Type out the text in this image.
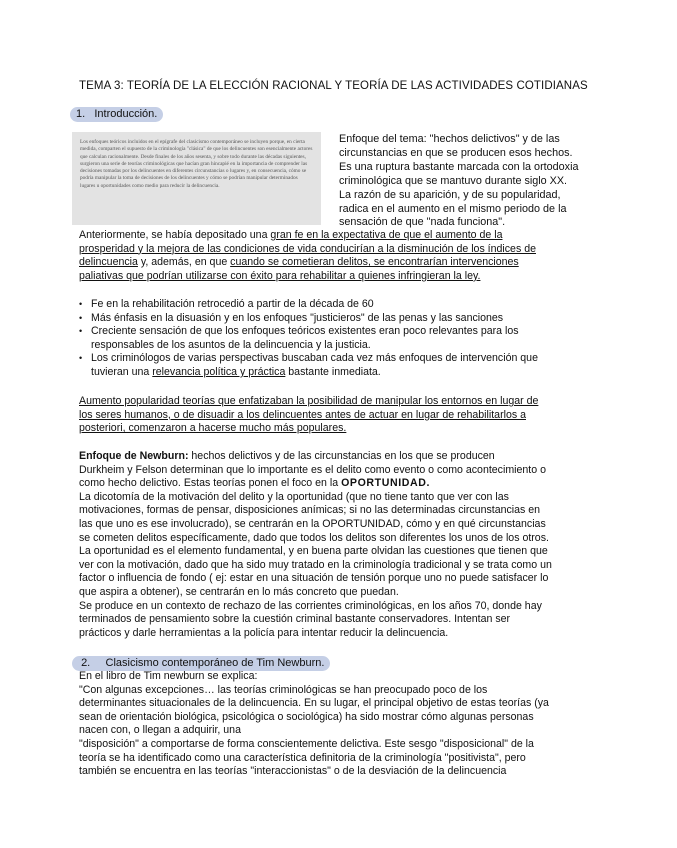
TEMA 3: TEORÍA DE LA ELECCIÓN RACIONAL Y TEORÍA DE LAS ACTIVIDADES COTIDIANAS
1. Introducción.

Los enfoques teóricos incluidos en el epígrafe del clasicismo contemporáneo se incluyen porque, en cierta medida, comparten el supuesto de la criminología "clásica" de que los delincuentes son esencialmente actores que calculan racionalmente. Desde finales de los años sesenta, y sobre todo durante las décadas siguientes, surgieron una serie de teorías criminológicas que hacían gran hincapié en la importancia de comprender las decisiones tomadas por los delincuentes en diferentes circunstancias o lugares y, en consecuencia, cómo se podría manipular la toma de decisiones de los delincuentes y cómo se podrían manipular determinados lugares u oportunidades como medio para reducir la delincuencia.

Enfoque del tema: "hechos delictivos" y de las
circunstancias en que se producen esos hechos.
Es una ruptura bastante marcada con la ortodoxia
criminológica que se mantuvo durante siglo XX.
La razón de su aparición, y de su popularidad,
radica en el aumento en el mismo periodo de la
sensación de que "nada funciona".
Anteriormente, se había depositado una gran fe en la expectativa de que el aumento de la
prosperidad y la mejora de las condiciones de vida conducirían a la disminución de los índices de
delincuencia y, además, en que cuando se cometieran delitos, se encontrarían intervenciones
paliativas que podrían utilizarse con éxito para rehabilitar a quienes infringieran la ley.
• Fe en la rehabilitación retrocedió a partir de la década de 60
• Más énfasis en la disuasión y en los enfoques "justicieros" de las penas y las sanciones
• Creciente sensación de que los enfoques teóricos existentes eran poco relevantes para los
responsables de los asuntos de la delincuencia y la justicia.
• Los criminólogos de varias perspectivas buscaban cada vez más enfoques de intervención que
tuvieran una relevancia política y práctica bastante inmediata.
Aumento popularidad teorías que enfatizaban la posibilidad de manipular los entornos en lugar de
los seres humanos, o de disuadir a los delincuentes antes de actuar en lugar de rehabilitarlos a
posteriori, comenzaron a hacerse mucho más populares.
Enfoque de Newburn: hechos delictivos y de las circunstancias en los que se producen
Durkheim y Felson determinan que lo importante es el delito como evento o como acontecimiento o
como hecho delictivo. Estas teorías ponen el foco en la OPORTUNIDAD.
La dicotomía de la motivación del delito y la oportunidad (que no tiene tanto que ver con las
motivaciones, formas de pensar, disposiciones anímicas; si no las determinadas circunstancias en
las que uno es ese involucrado), se centrarán en la OPORTUNIDAD, cómo y en qué circunstancias
se cometen delitos específicamente, dado que todos los delitos son diferentes los unos de los otros.
La oportunidad es el elemento fundamental, y en buena parte olvidan las cuestiones que tienen que
ver con la motivación, dado que ha sido muy tratado en la criminología tradicional y se trata como un
factor o influencia de fondo ( ej: estar en una situación de tensión porque uno no puede satisfacer lo
que aspira a obtener), se centrarán en lo más concreto que puedan.
Se produce en un contexto de rechazo de las corrientes criminológicas, en los años 70, donde hay
terminados de pensamiento sobre la cuestión criminal bastante conservadores. Intentan ser
prácticos y darle herramientas a la policía para intentar reducir la delincuencia.
2. Clasicismo contemporáneo de Tim Newburn.
En el libro de Tim newburn se explica:
"Con algunas excepciones… las teorías criminológicas se han preocupado poco de los
determinantes situacionales de la delincuencia. En su lugar, el principal objetivo de estas teorías (ya
sean de orientación biológica, psicológica o sociológica) ha sido mostrar cómo algunas personas
nacen con, o llegan a adquirir, una
"disposición" a comportarse de forma conscientemente delictiva. Este sesgo "disposicional" de la
teoría se ha identificado como una característica definitoria de la criminología "positivista", pero
también se encuentra en las teorías "interaccionistas" o de la desviación de la delincuencia
